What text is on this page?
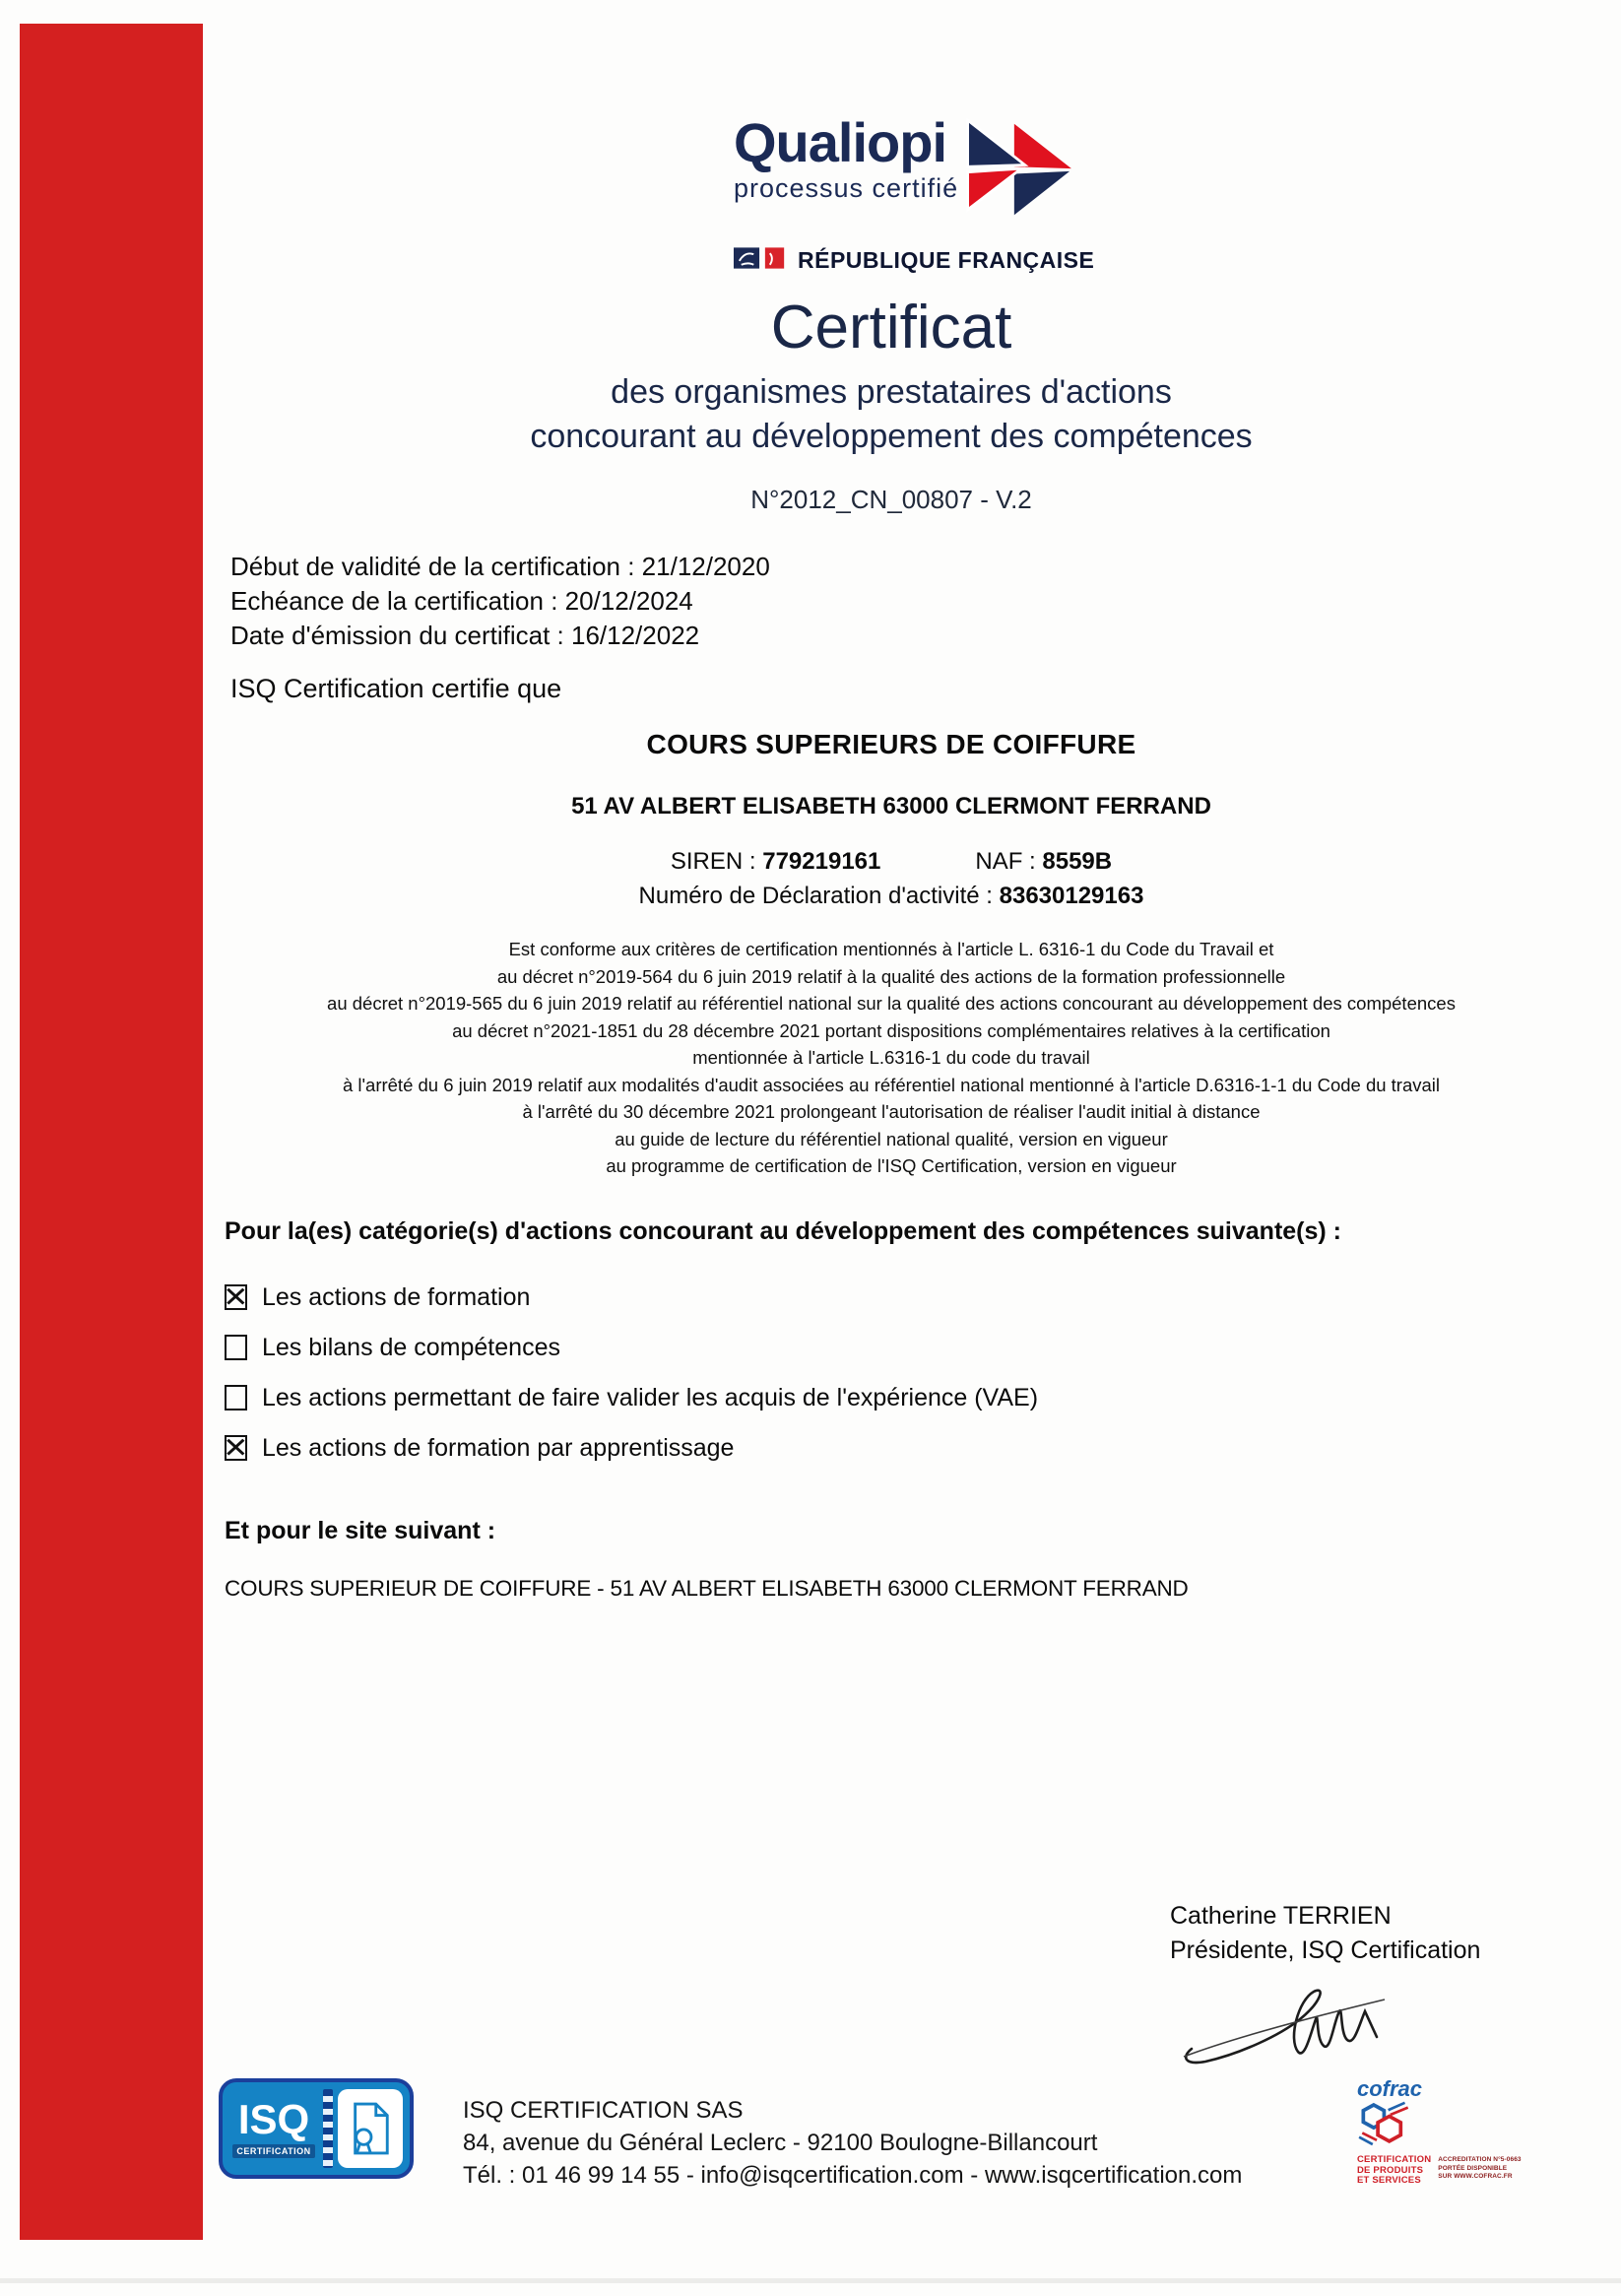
Qualiopi
processus certifié
RÉPUBLIQUE FRANÇAISE
Certificat
des organismes prestataires d'actions
concourant au développement des compétences
N°2012_CN_00807 - V.2
Début de validité de la certification : 21/12/2020
Echéance de la certification : 20/12/2024
Date d'émission du certificat : 16/12/2022
ISQ Certification certifie que
COURS SUPERIEURS DE COIFFURE
51 AV ALBERT ELISABETH 63000 CLERMONT FERRAND
SIREN : 779219161	NAF : 8559B
Numéro de Déclaration d'activité : 83630129163
Est conforme aux critères de certification mentionnés à l'article L. 6316-1 du Code du Travail et
au décret n°2019-564 du 6 juin 2019 relatif à la qualité des actions de la formation professionnelle
au décret n°2019-565 du 6 juin 2019 relatif au référentiel national sur la qualité des actions concourant au développement des compétences
au décret n°2021-1851 du 28 décembre 2021 portant dispositions complémentaires relatives à la certification
mentionnée à l'article L.6316-1 du code du travail
à l'arrêté du 6 juin 2019 relatif aux modalités d'audit associées au référentiel national mentionné à l'article D.6316-1-1 du Code du travail
à l'arrêté du 30 décembre 2021 prolongeant l'autorisation de réaliser l'audit initial à distance
au guide de lecture du référentiel national qualité, version en vigueur
au programme de certification de l'ISQ Certification, version en vigueur
Pour la(es) catégorie(s) d'actions concourant au développement des compétences suivante(s) :
✕ Les actions de formation
Les bilans de compétences
Les actions permettant de faire valider les acquis de l'expérience (VAE)
✕ Les actions de formation par apprentissage
Et pour le site suivant :
COURS SUPERIEUR DE COIFFURE - 51 AV ALBERT ELISABETH 63000 CLERMONT FERRAND
Catherine TERRIEN
Présidente, ISQ Certification
ISQ
CERTIFICATION
ISQ CERTIFICATION SAS
84, avenue du Général Leclerc - 92100 Boulogne-Billancourt
Tél. : 01 46 99 14 55 - info@isqcertification.com - www.isqcertification.com
cofrac
CERTIFICATION
DE PRODUITS
ET SERVICES
ACCREDITATION N°5-0663
PORTÉE DISPONIBLE
SUR WWW.COFRAC.FR
